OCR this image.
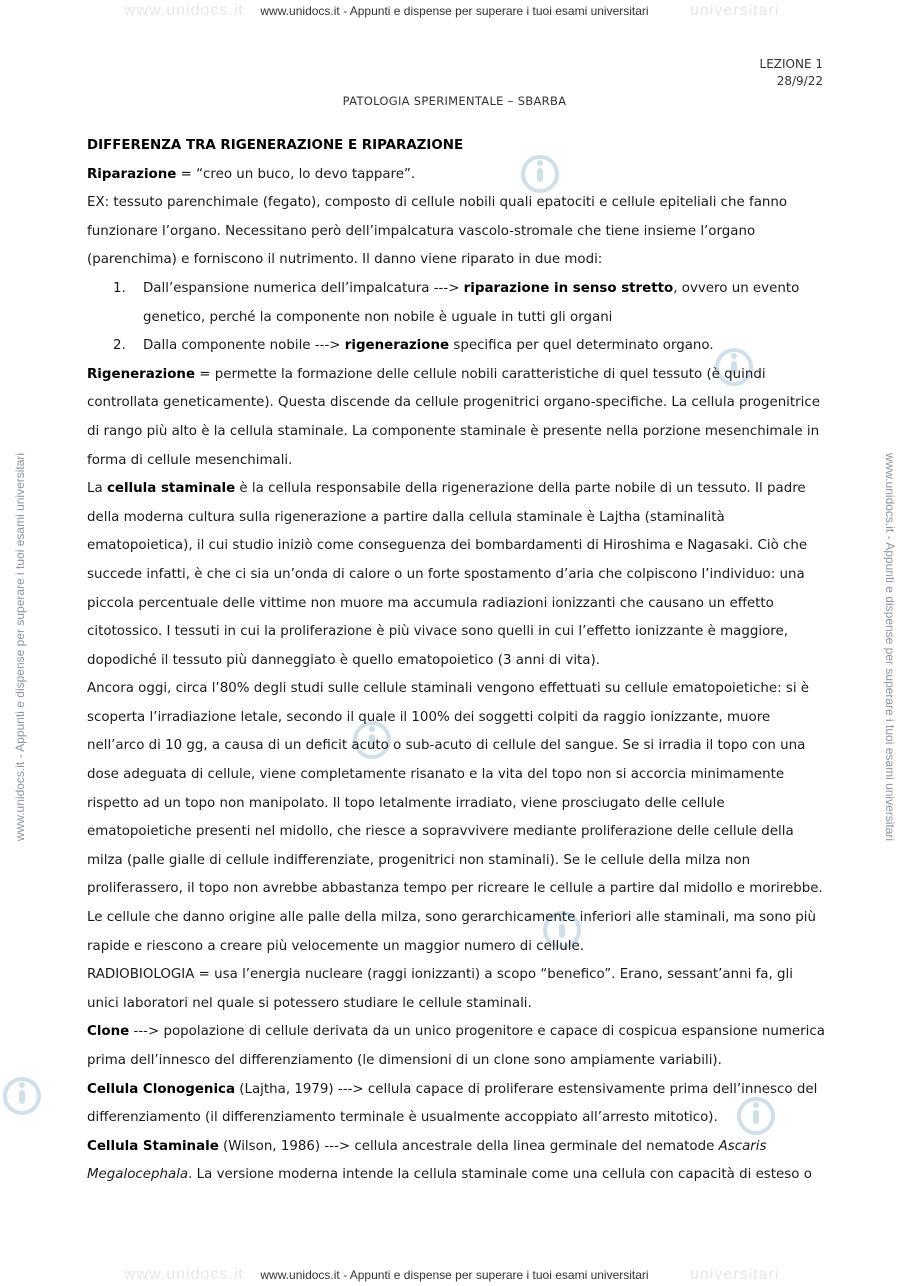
www.unidocs.it	universitari
www.unidocs.it	universitari
www.unidocs.it - Appunti e dispense per superare i tuoi esami universitari
www.unidocs.it - Appunti e dispense per superare i tuoi esami universitari
www.unidocs.it - Appunti e dispense per superare i tuoi esami universitari	www.unidocs.it - Appunti e dispense per superare i tuoi esami universitari
LEZIONE 1
28/9/22
PATOLOGIA SPERIMENTALE – SBARBA

DIFFERENZA TRA RIGENERAZIONE E RIPARAZIONE

Riparazione = “creo un buco, lo devo tappare”.

EX: tessuto parenchimale (fegato), composto di cellule nobili quali epatociti e cellule epiteliali che fanno funzionare l’organo. Necessitano però dell’impalcatura vascolo-stromale che tiene insieme l’organo (parenchima) e forniscono il nutrimento. Il danno viene riparato in due modi:

1.	Dall’espansione numerica dell’impalcatura ---> riparazione in senso stretto, ovvero un evento genetico, perché la componente non nobile è uguale in tutti gli organi
2.	Dalla componente nobile ---> rigenerazione specifica per quel determinato organo.

Rigenerazione = permette la formazione delle cellule nobili caratteristiche di quel tessuto (è quindi controllata geneticamente). Questa discende da cellule progenitrici organo-specifiche. La cellula progenitrice di rango più alto è la cellula staminale. La componente staminale è presente nella porzione mesenchimale in forma di cellule mesenchimali.

La cellula staminale è la cellula responsabile della rigenerazione della parte nobile di un tessuto. Il padre della moderna cultura sulla rigenerazione a partire dalla cellula staminale è Lajtha (staminalità ematopoietica), il cui studio iniziò come conseguenza dei bombardamenti di Hiroshima e Nagasaki. Ciò che succede infatti, è che ci sia un’onda di calore o un forte spostamento d’aria che colpiscono l’individuo: una piccola percentuale delle vittime non muore ma accumula radiazioni ionizzanti che causano un effetto citotossico. I tessuti in cui la proliferazione è più vivace sono quelli in cui l’effetto ionizzante è maggiore, dopodiché il tessuto più danneggiato è quello ematopoietico (3 anni di vita).

Ancora oggi, circa l’80% degli studi sulle cellule staminali vengono effettuati su cellule ematopoietiche: si è scoperta l’irradiazione letale, secondo il quale il 100% dei soggetti colpiti da raggio ionizzante, muore nell’arco di 10 gg, a causa di un deficit acuto o sub-acuto di cellule del sangue. Se si irradia il topo con una dose adeguata di cellule, viene completamente risanato e la vita del topo non si accorcia minimamente rispetto ad un topo non manipolato. Il topo letalmente irradiato, viene prosciugato delle cellule ematopoietiche presenti nel midollo, che riesce a sopravvivere mediante proliferazione delle cellule della milza (palle gialle di cellule indifferenziate, progenitrici non staminali). Se le cellule della milza non proliferassero, il topo non avrebbe abbastanza tempo per ricreare le cellule a partire dal midollo e morirebbe. Le cellule che danno origine alle palle della milza, sono gerarchicamente inferiori alle staminali, ma sono più rapide e riescono a creare più velocemente un maggior numero di cellule.

RADIOBIOLOGIA = usa l’energia nucleare (raggi ionizzanti) a scopo “benefico”. Erano, sessant’anni fa, gli unici laboratori nel quale si potessero studiare le cellule staminali.

Clone ---> popolazione di cellule derivata da un unico progenitore e capace di cospicua espansione numerica prima dell’innesco del differenziamento (le dimensioni di un clone sono ampiamente variabili).

Cellula Clonogenica (Lajtha, 1979) ---> cellula capace di proliferare estensivamente prima dell’innesco del differenziamento (il differenziamento terminale è usualmente accoppiato all’arresto mitotico).

Cellula Staminale (Wilson, 1986) ---> cellula ancestrale della linea germinale del nematode Ascaris Megalocephala. La versione moderna intende la cellula staminale come una cellula con capacità di esteso o
